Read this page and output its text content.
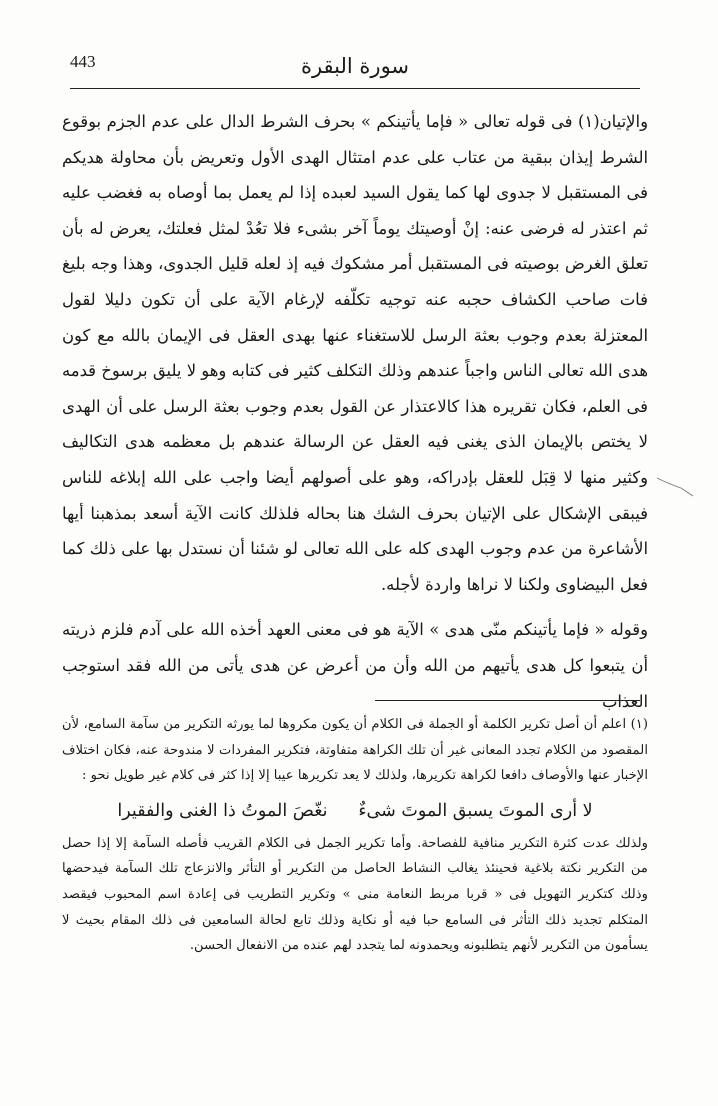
443	سورة البقرة

والإتيان(١) فى قوله تعالى « فإما يأتينكم » بحرف الشرط الدال على عدم الجزم بوقوع الشرط إيذان ببقية من عتاب على عدم امتثال الهدى الأول وتعريض بأن محاولة هديكم فى المستقبل لا جدوى لها كما يقول السيد لعبده إذا لم يعمل بما أوصاه به فغضب عليه ثم اعتذر له فرضى عنه: إنْ أوصيتك يوماً آخر بشىء فلا تعُدْ لمثل فعلتك، يعرض له بأن تعلق الغرض بوصيته فى المستقبل أمر مشكوك فيه إذ لعله قليل الجدوى، وهذا وجه بليغ فات صاحب الكشاف حجبه عنه توجيه تكلّفه لإرغام الآية على أن تكون دليلا لقول المعتزلة بعدم وجوب بعثة الرسل للاستغناء عنها بهدى العقل فى الإيمان بالله مع كون هدى الله تعالى الناس واجباً عندهم وذلك التكلف كثير فى كتابه وهو لا يليق برسوخ قدمه فى العلم، فكان تقريره هذا كالاعتذار عن القول بعدم وجوب بعثة الرسل على أن الهدى لا يختص بالإيمان الذى يغنى فيه العقل عن الرسالة عندهم بل معظمه هدى التكاليف وكثير منها لا قِبَل للعقل بإدراكه، وهو على أصولهم أيضا واجب على الله إبلاغه للناس فيبقى الإشكال على الإتيان بحرف الشك هنا بحاله فلذلك كانت الآية أسعد بمذهبنا أيها الأشاعرة من عدم وجوب الهدى كله على الله تعالى لو شئنا أن نستدل بها على ذلك كما فعل البيضاوى ولكنا لا نراها واردة لأجله.

وقوله « فإما يأتينكم منّى هدى » الآية هو فى معنى العهد أخذه الله على آدم فلزم ذريته أن يتبعوا كل هدى يأتيهم من الله وأن من أعرض عن هدى يأتى من الله فقد استوجب العذاب

(١) اعلم أن أصل تكرير الكلمة أو الجملة فى الكلام أن يكون مكروها لما يورثه التكرير من سآمة السامع، لأن المقصود من الكلام تجدد المعانى غير أن تلك الكراهة متفاوتة، فتكرير المفردات لا مندوحة عنه، فكان اختلاف الإخبار عنها والأوصاف دافعا لكراهة تكريرها، ولذلك لا يعد تكريرها عيبا إلا إذا كثر فى كلام غير طويل نحو :

لا أرى الموتَ يسبق الموتَ شىءٌ
نغّصَ الموتُ ذا الغنى والفقيرا

ولذلك عدت كثرة التكرير منافية للفصاحة. وأما تكرير الجمل فى الكلام القريب فأصله السآمة إلا إذا حصل من التكرير نكتة بلاغية فحينئذ يغالب النشاط الحاصل من التكرير أو التأثر والانزعاج تلك السآمة فيدحضها وذلك كتكرير التهويل فى « قربا مربط النعامة منى » وتكرير التطريب فى إعادة اسم المحبوب فيقصد المتكلم تجديد ذلك التأثر فى السامع حبا فيه أو نكاية وذلك تابع لحالة السامعين فى ذلك المقام بحيث لا يسأمون من التكرير لأنهم يتطلبونه ويحمدونه لما يتجدد لهم عنده من الانفعال الحسن.
